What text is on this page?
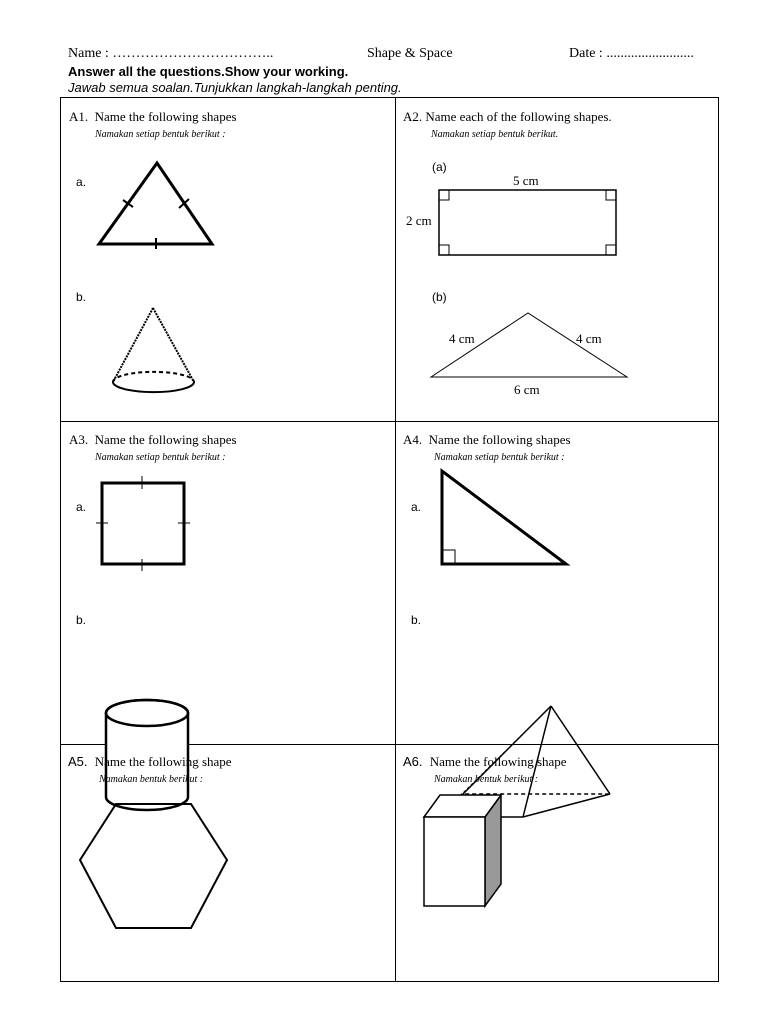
Name : ……………………………..	Shape & Space	Date : .........................
Answer all the questions.Show your working.
Jawab semua soalan.Tunjukkan langkah-langkah penting.
A1. Name the following shapes
Namakan setiap bentuk berikut :
a.
b.
A2. Name each of the following shapes.
Namakan setiap bentuk berikut.
(a)
(b)
5 cm
2 cm
4 cm	4 cm
6 cm
A3. Name the following shapes
Namakan setiap bentuk berikut :
a.
b.
A4. Name the following shapes
Namakan setiap bentuk berikut :
a.
b.
A5. Name the following shape
Namakan bentuk berikut :
A6. Name the following shape
Namakan bentuk berikut :
